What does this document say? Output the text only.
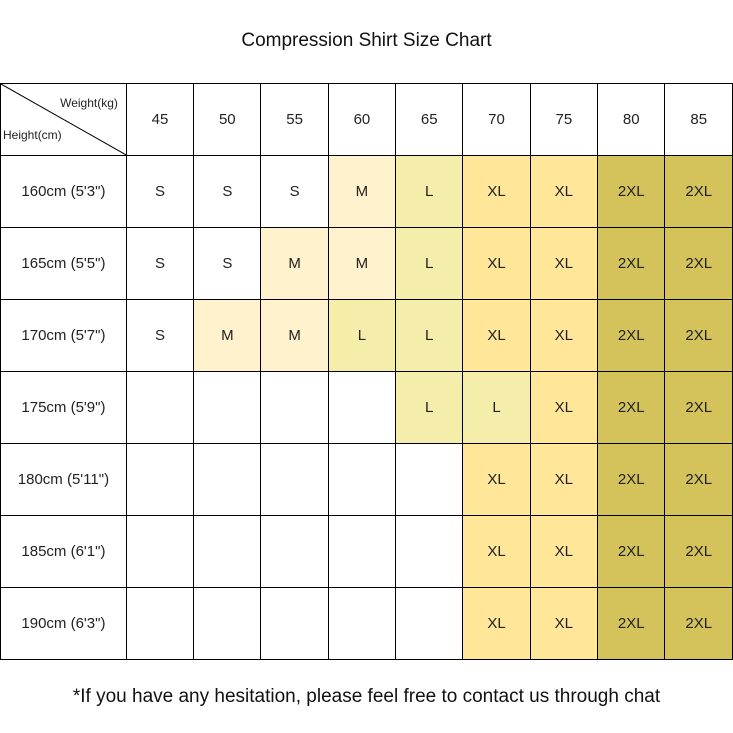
Compression Shirt Size Chart
Weight(kg)
Height(cm)	45	50	55	60	65	70	75	80	85
160cm (5'3")	S	S	S	M	L	XL	XL	2XL	2XL
165cm (5'5")	S	S	M	M	L	XL	XL	2XL	2XL
170cm (5'7")	S	M	M	L	L	XL	XL	2XL	2XL
175cm (5'9")					L	L	XL	2XL	2XL
180cm (5'11")						XL	XL	2XL	2XL
185cm (6'1")						XL	XL	2XL	2XL
190cm (6'3")						XL	XL	2XL	2XL
*If you have any hesitation, please feel free to contact us through chat
